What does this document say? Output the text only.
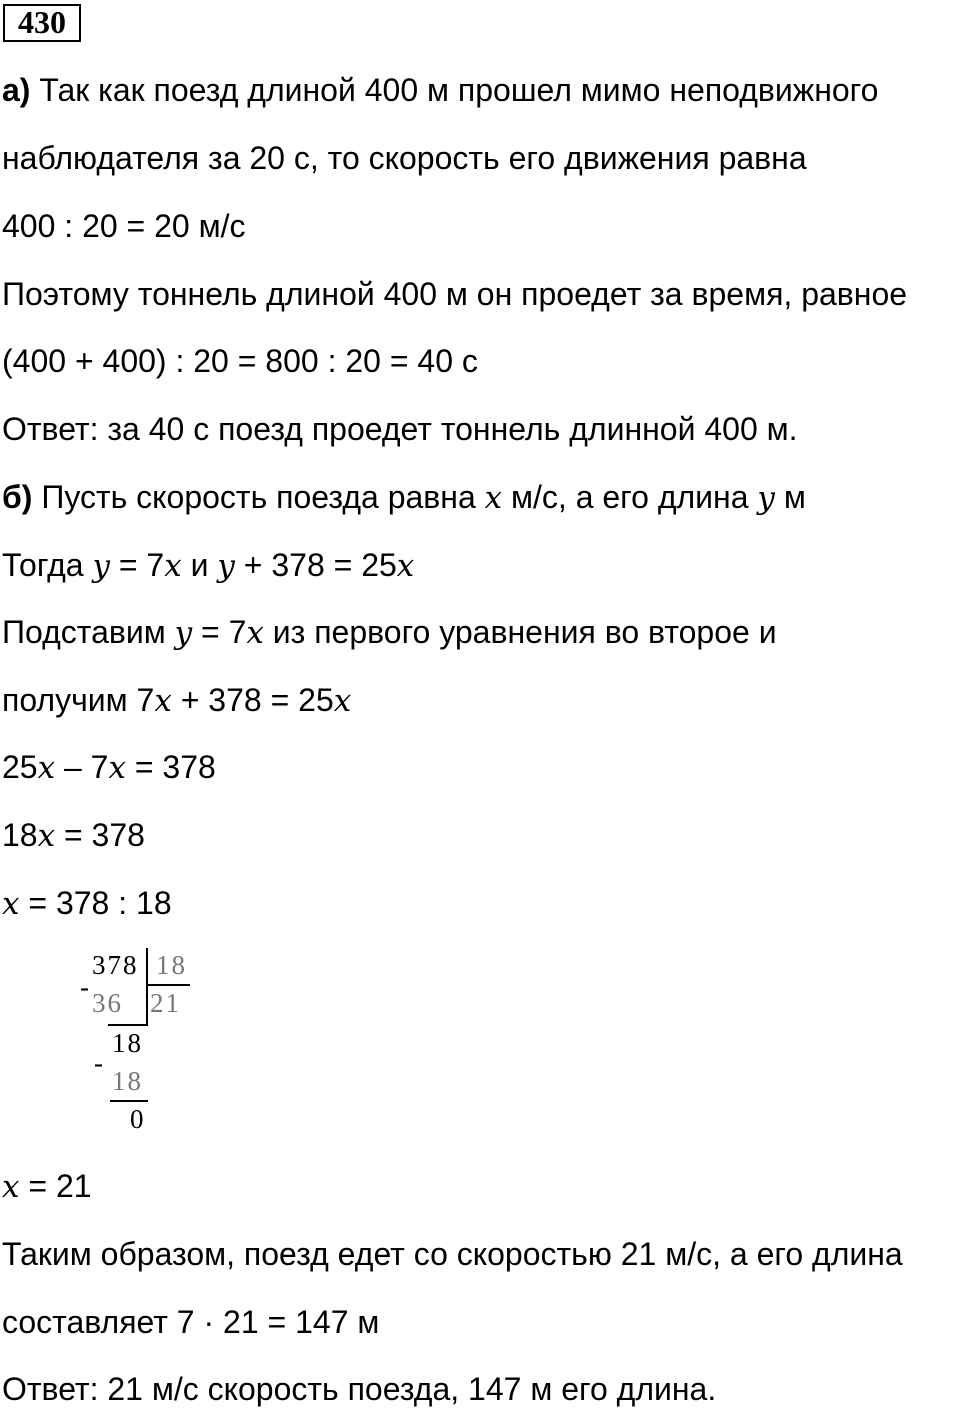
430
а) Так как поезд длиной 400 м прошел мимо неподвижного
наблюдателя за 20 с, то скорость его движения равна
400 : 20 = 20 м/с
Поэтому тоннель длиной 400 м он проедет за время, равное
(400 + 400) : 20 = 800 : 20 = 40 с
Ответ: за 40 с поезд проедет тоннель длинной 400 м.
б) Пусть скорость поезда равна x м/с, а его длина y м
Тогда y = 7x и y + 378 = 25x
Подставим y = 7x из первого уравнения во второе и
получим 7x + 378 = 25x
25x – 7x = 378
18x = 378
x = 378 : 18
378 18
-
36 21
18
-
18
0
x = 21
Таким образом, поезд едет со скоростью 21 м/с, а его длина
составляет 7 · 21 = 147 м
Ответ: 21 м/с скорость поезда, 147 м его длина.
